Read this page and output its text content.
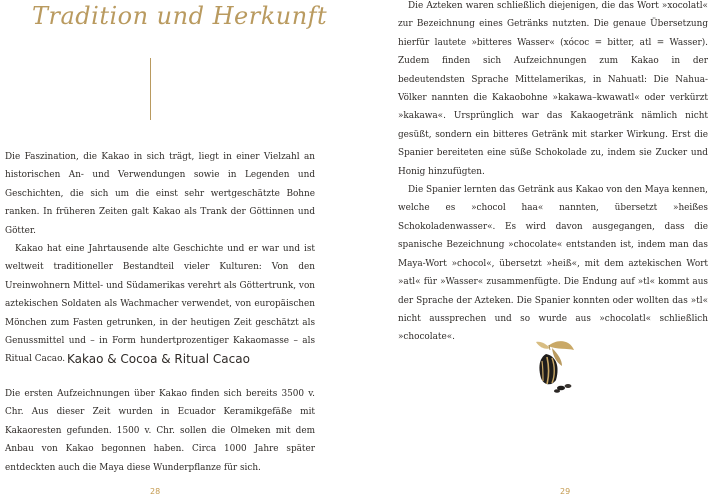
Tradition und Herkunft

Die Faszination, die Kakao in sich trägt, liegt in einer Vielzahl an historischen An- und Verwendungen sowie in Legenden und Geschichten, die sich um die einst sehr wertgeschätzte Bohne ranken. In früheren Zeiten galt Kakao als Trank der Göttinnen und Götter.

Kakao hat eine Jahrtausende alte Geschichte und er war und ist weltweit traditioneller Bestandteil vieler Kulturen: Von den Ureinwohnern Mittel- und Südamerikas verehrt als Göttertrunk, von aztekischen Soldaten als Wachmacher verwendet, von europäischen Mönchen zum Fasten getrunken, in der heutigen Zeit geschätzt als Genussmittel und – in Form hundertprozentiger Kakaomasse – als Ritual Cacao. Kakao & Cocoa & Ritual Cacao

Die ersten Aufzeichnungen über Kakao finden sich bereits 3500 v. Chr. Aus dieser Zeit wurden in Ecuador Keramikgefäße mit Kakaoresten gefunden. 1500 v. Chr. sollen die Olmeken mit dem Anbau von Kakao begonnen haben. Circa 1000 Jahre später entdeckten auch die Maya diese Wunderpflanze für sich.

28

Die Azteken waren schließlich diejenigen, die das Wort »xocolatl« zur Bezeichnung eines Getränks nutzten. Die genaue Übersetzung hierfür lautete »bitteres Wasser« (xócoc = bitter, atl = Wasser). Zudem finden sich Aufzeichnungen zum Kakao in der bedeutendsten Sprache Mittelamerikas, in Nahuatl: Die Nahua-Völker nannten die Kakaobohne »kakawa–kwawatl« oder verkürzt »kakawa«. Ursprünglich war das Kakaogetränk nämlich nicht gesüßt, sondern ein bitteres Getränk mit starker Wirkung. Erst die Spanier bereiteten eine süße Schokolade zu, indem sie Zucker und Honig hinzufügten.

Die Spanier lernten das Getränk aus Kakao von den Maya kennen, welche es »chocol haa« nannten, übersetzt »heißes Schokoladenwasser«. Es wird davon ausgegangen, dass die spanische Bezeichnung »chocolate« entstanden ist, indem man das Maya-Wort »chocol«, übersetzt »heiß«, mit dem aztekischen Wort »atl« für »Wasser« zusammenfügte. Die Endung auf »tl« kommt aus der Sprache der Azteken. Die Spanier konnten oder wollten das »tl« nicht aussprechen und so wurde aus »chocolatl« schließlich »chocolate«.

29
